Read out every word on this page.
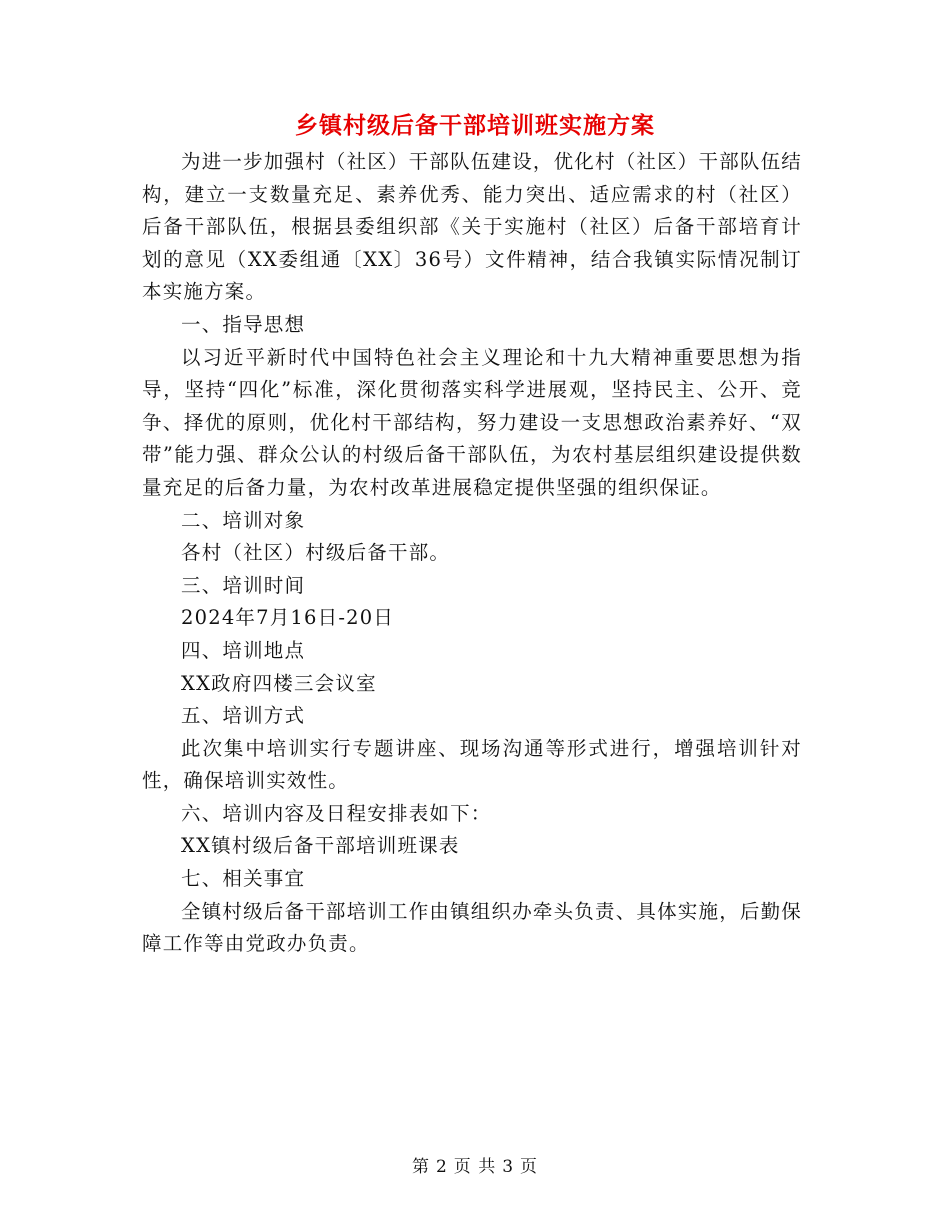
乡镇村级后备干部培训班实施方案

为进一步加强村（社区）干部队伍建设，优化村（社区）干部队伍结构，建立一支数量充足、素养优秀、能力突出、适应需求的村（社区）后备干部队伍，根据县委组织部《关于实施村（社区）后备干部培育计划的意见（XX委组通〔XX〕36号）文件精神，结合我镇实际情况制订本实施方案。

一、指导思想

以习近平新时代中国特色社会主义理论和十九大精神重要思想为指导，坚持“四化”标准，深化贯彻落实科学进展观，坚持民主、公开、竞争、择优的原则，优化村干部结构，努力建设一支思想政治素养好、“双带”能力强、群众公认的村级后备干部队伍，为农村基层组织建设提供数量充足的后备力量，为农村改革进展稳定提供坚强的组织保证。

二、培训对象

各村（社区）村级后备干部。

三、培训时间

2024年7月16日-20日

四、培训地点

XX政府四楼三会议室

五、培训方式

此次集中培训实行专题讲座、现场沟通等形式进行，增强培训针对性，确保培训实效性。

六、培训内容及日程安排表如下：

XX镇村级后备干部培训班课表

七、相关事宜

全镇村级后备干部培训工作由镇组织办牵头负责、具体实施，后勤保障工作等由党政办负责。

第 2 页 共 3 页
